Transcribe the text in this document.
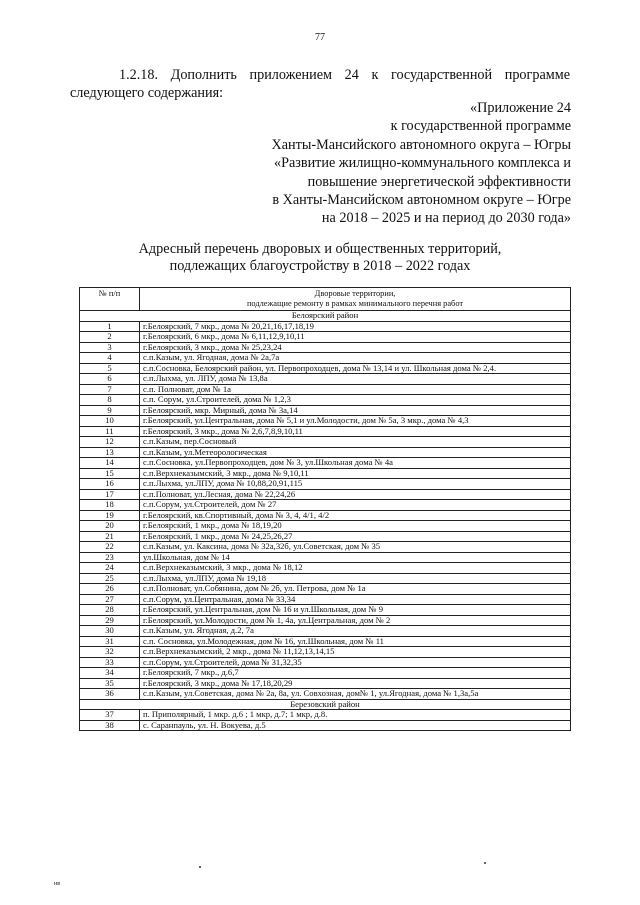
77
1.2.18. Дополнить приложением 24 к государственной программе следующего содержания:
«Приложение 24
к государственной программе
Ханты-Мансийского автономного округа – Югры
«Развитие жилищно-коммунального комплекса и
повышение энергетической эффективности
в Ханты-Мансийском автономном округе – Югре
на 2018 – 2025 и на период до 2030 года»
Адресный перечень дворовых и общественных территорий,
подлежащих благоустройству в 2018 – 2022 годах
№ п/п	Дворовые территории,
подлежащие ремонту в рамках минимального перечня работ

Белоярский район	
1	г.Белоярский, 7 мкр., дома № 20,21,16,17,18,19
2	г.Белоярский, 6 мкр., дома № 6,11,12,9,10,11
3	г.Белоярский, 3 мкр., дома № 25,23,24
4	с.п.Казым, ул. Ягодная, дома № 2а,7а
5	с.п.Сосновка, Белоярский район, ул. Первопроходцев, дома № 13,14 и ул. Школьная дома № 2,4.
6	с.п.Лыхма, ул. ЛПУ, дома № 13,8а
7	с.п. Полноват, дом № 1а
8	с.п. Сорум, ул.Строителей, дома № 1,2,3
9	г.Белоярский, мкр. Мирный, дома № 3а,14
10	г.Белоярский, ул.Центральная, дома № 5,1 и ул.Молодости, дом № 5а, 3 мкр., дома № 4,3
11	г.Белоярский, 3 мкр., дома № 2,6,7,8,9,10,11
12	с.п.Казым, пер.Сосновый
13	с.п.Казым, ул.Метеорологическая
14	с.п.Сосновка, ул.Первопроходцев, дом № 3, ул.Школьная дома № 4а
15	с.п.Верхнеказымский, 3 мкр., дома № 9,10,11
16	с.п.Лыхма, ул.ЛПУ, дома № 10,88,20,91,115
17	с.п.Полноват, ул.Лесная, дома № 22,24,26
18	с.п.Сорум, ул.Строителей, дом № 27
19	г.Белоярский, кв.Спортивный, дома № 3, 4, 4/1, 4/2
20	г.Белоярский, 1 мкр., дома № 18,19,20
21	г.Белоярский, 1 мкр., дома № 24,25,26,27
22	с.п.Казым, ул. Каксина, дома № 32а,32б, ул.Советская, дом № 35
23	ул.Школьная, дом № 14
24	с.п.Верхнеказымский, 3 мкр., дома № 18,12
25	с.п.Лыхма, ул.ЛПУ, дома № 19,18
26	с.п.Полноват, ул.Собянина, дом № 2б, ул. Петрова, дом № 1а
27	с.п.Сорум, ул.Центральная, дома № 33,34
28	г.Белоярский, ул.Центральная, дом № 16 и ул.Школьная, дом № 9
29	г.Белоярский, ул.Молодости, дом № 1, 4а, ул.Центральная, дом № 2
30	с.п.Казым, ул. Ягодная, д.2, 7а
31	с.п. Сосновка, ул.Молодежная, дом № 16, ул.Школьная, дом № 11
32	с.п.Верхнеказымский, 2 мкр., дома № 11,12,13,14,15
33	с.п.Сорум, ул.Строителей, дома № 31,32,35
34	г.Белоярский, 7 мкр., д.6,7
35	г.Белоярский, 3 мкр., дома № 17,18,20,29
36	с.п.Казым, ул.Советская, дома № 2а, 8а, ул. Совхозная, дом№ 1, ул.Ягодная, дома № 1,3а,5а
Березовский район	
37	п. Приполярный, 1 мкр. д.6 ; 1 мкр, д.7; 1 мкр, д.8.
38	с. Саранпауль, ул. Н. Вокуева, д.5
нв
